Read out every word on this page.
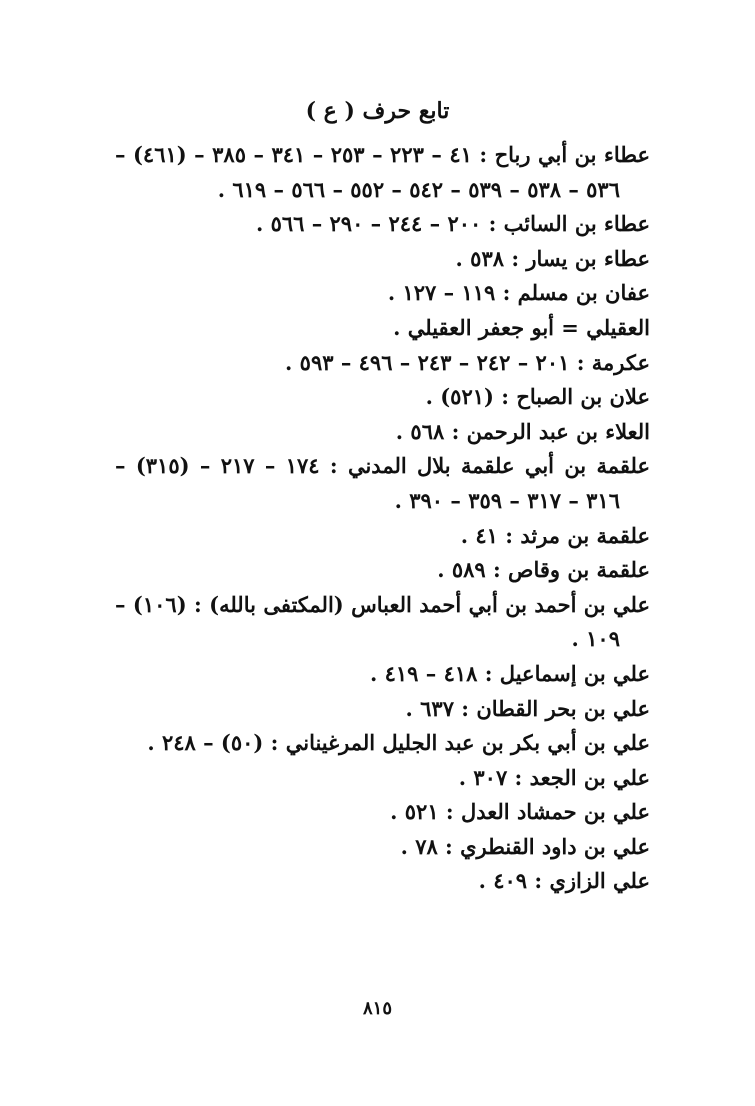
تابع حرف ( ع )
عطاء بن أبي رباح : ٤١ – ٢٢٣ – ٢٥٣ – ٣٤١ – ٣٨٥ – (٤٦١) – ٥٣٦ – ٥٣٨ – ٥٣٩ – ٥٤٢ – ٥٥٢ – ٥٦٦ – ٦١٩ .
عطاء بن السائب : ٢٠٠ – ٢٤٤ – ٢٩٠ – ٥٦٦ .
عطاء بن يسار : ٥٣٨ .
عفان بن مسلم : ١١٩ – ١٢٧ .
العقيلي = أبو جعفر العقيلي .
عكرمة : ٢٠١ – ٢٤٢ – ٢٤٣ – ٤٩٦ – ٥٩٣ .
علان بن الصباح : (٥٢١) .
العلاء بن عبد الرحمن : ٥٦٨ .
علقمة بن أبي علقمة بلال المدني : ١٧٤ – ٢١٧ – (٣١٥) – ٣١٦ – ٣١٧ – ٣٥٩ – ٣٩٠ .
علقمة بن مرثد : ٤١ .
علقمة بن وقاص : ٥٨٩ .
علي بن أحمد بن أبي أحمد العباس (المكتفى بالله) : (١٠٦) – ١٠٩ .
علي بن إسماعيل : ٤١٨ – ٤١٩ .
علي بن بحر القطان : ٦٣٧ .
علي بن أبي بكر بن عبد الجليل المرغيناني : (٥٠) – ٢٤٨ .
علي بن الجعد : ٣٠٧ .
علي بن حمشاد العدل : ٥٢١ .
علي بن داود القنطري : ٧٨ .
علي الزازي : ٤٠٩ .
٨١٥
